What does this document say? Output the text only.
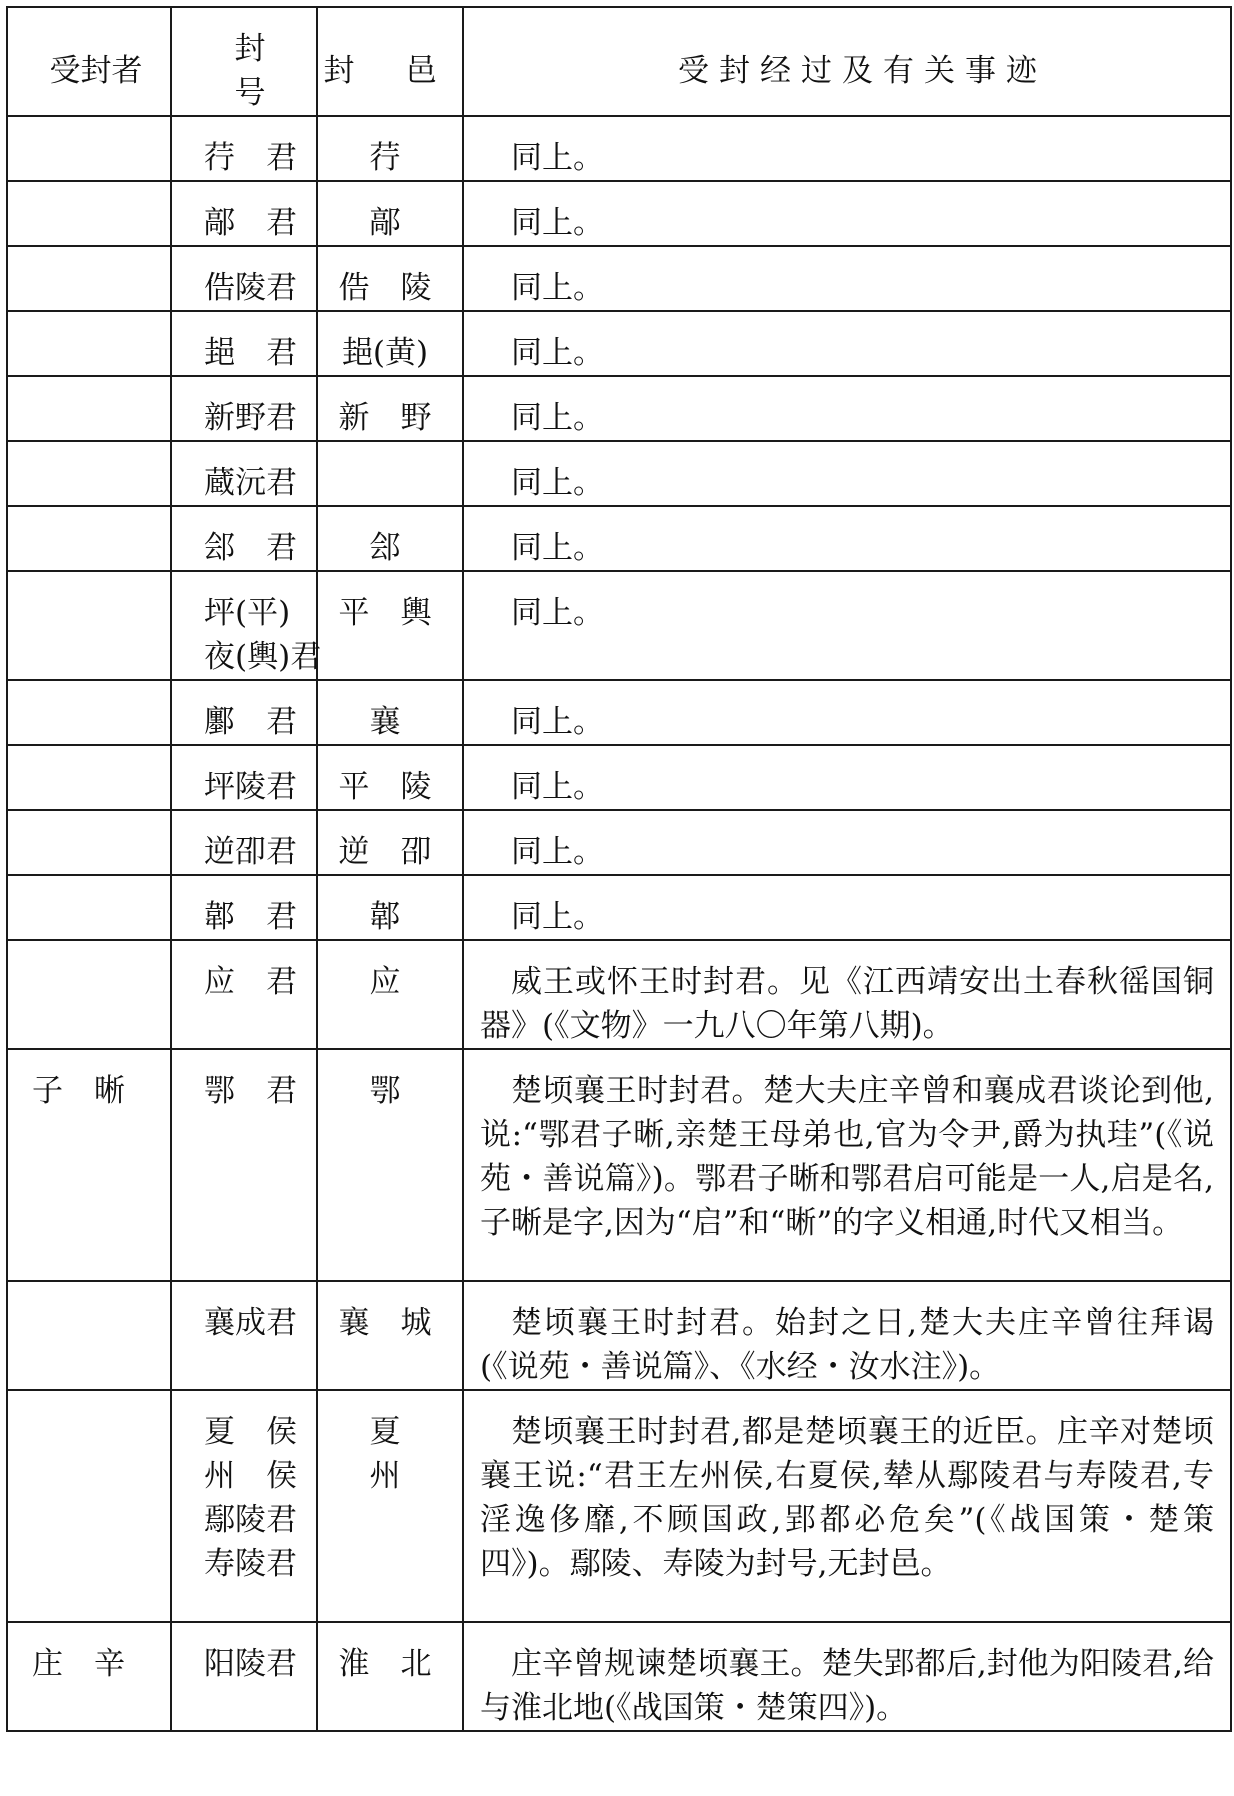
受封者	封　号	封　邑	受封经过及有关事迹

	荇　君	荇	同上。

	鄗　君	鄗	同上。

	俈陵君	俈　陵	同上。

	郌　君	郌(黄)	同上。

	新野君	新　野	同上。

	蔵沅君		同上。

	郐　君	郐	同上。

	坪(平)
夜(輿)君	平　輿	同上。

	鄽　君	襄	同上。

	坪陵君	平　陵	同上。

	逆卲君	逆　卲	同上。

	郼　君	郼	同上。

	应　君	应	威王或怀王时封君。见《江西靖安出土春秋徭国铜器》(《文物》一九八〇年第八期)。
子　晰	鄂　君	鄂	楚顷襄王时封君。楚大夫庄辛曾和襄成君谈论到他,说:“鄂君子晰,亲楚王母弟也,官为令尹,爵为执珪”(《说苑・善说篇》)。鄂君子晰和鄂君启可能是一人,启是名,子晰是字,因为“启”和“晰”的字义相通,时代又相当。

	襄成君	襄　城	楚顷襄王时封君。始封之日,楚大夫庄辛曾往拜谒(《说苑・善说篇》、《水经・汝水注》)。

	夏　侯
州　侯
鄢陵君
寿陵君	夏
州	楚顷襄王时封君,都是楚顷襄王的近臣。庄辛对楚顷襄王说:“君王左州侯,右夏侯,辇从鄢陵君与寿陵君,专淫逸侈靡,不顾国政,郢都必危矣”(《战国策・楚策四》)。鄢陵、寿陵为封号,无封邑。
庄　辛	阳陵君	淮　北	庄辛曾规谏楚顷襄王。楚失郢都后,封他为阳陵君,给与淮北地(《战国策・楚策四》)。
